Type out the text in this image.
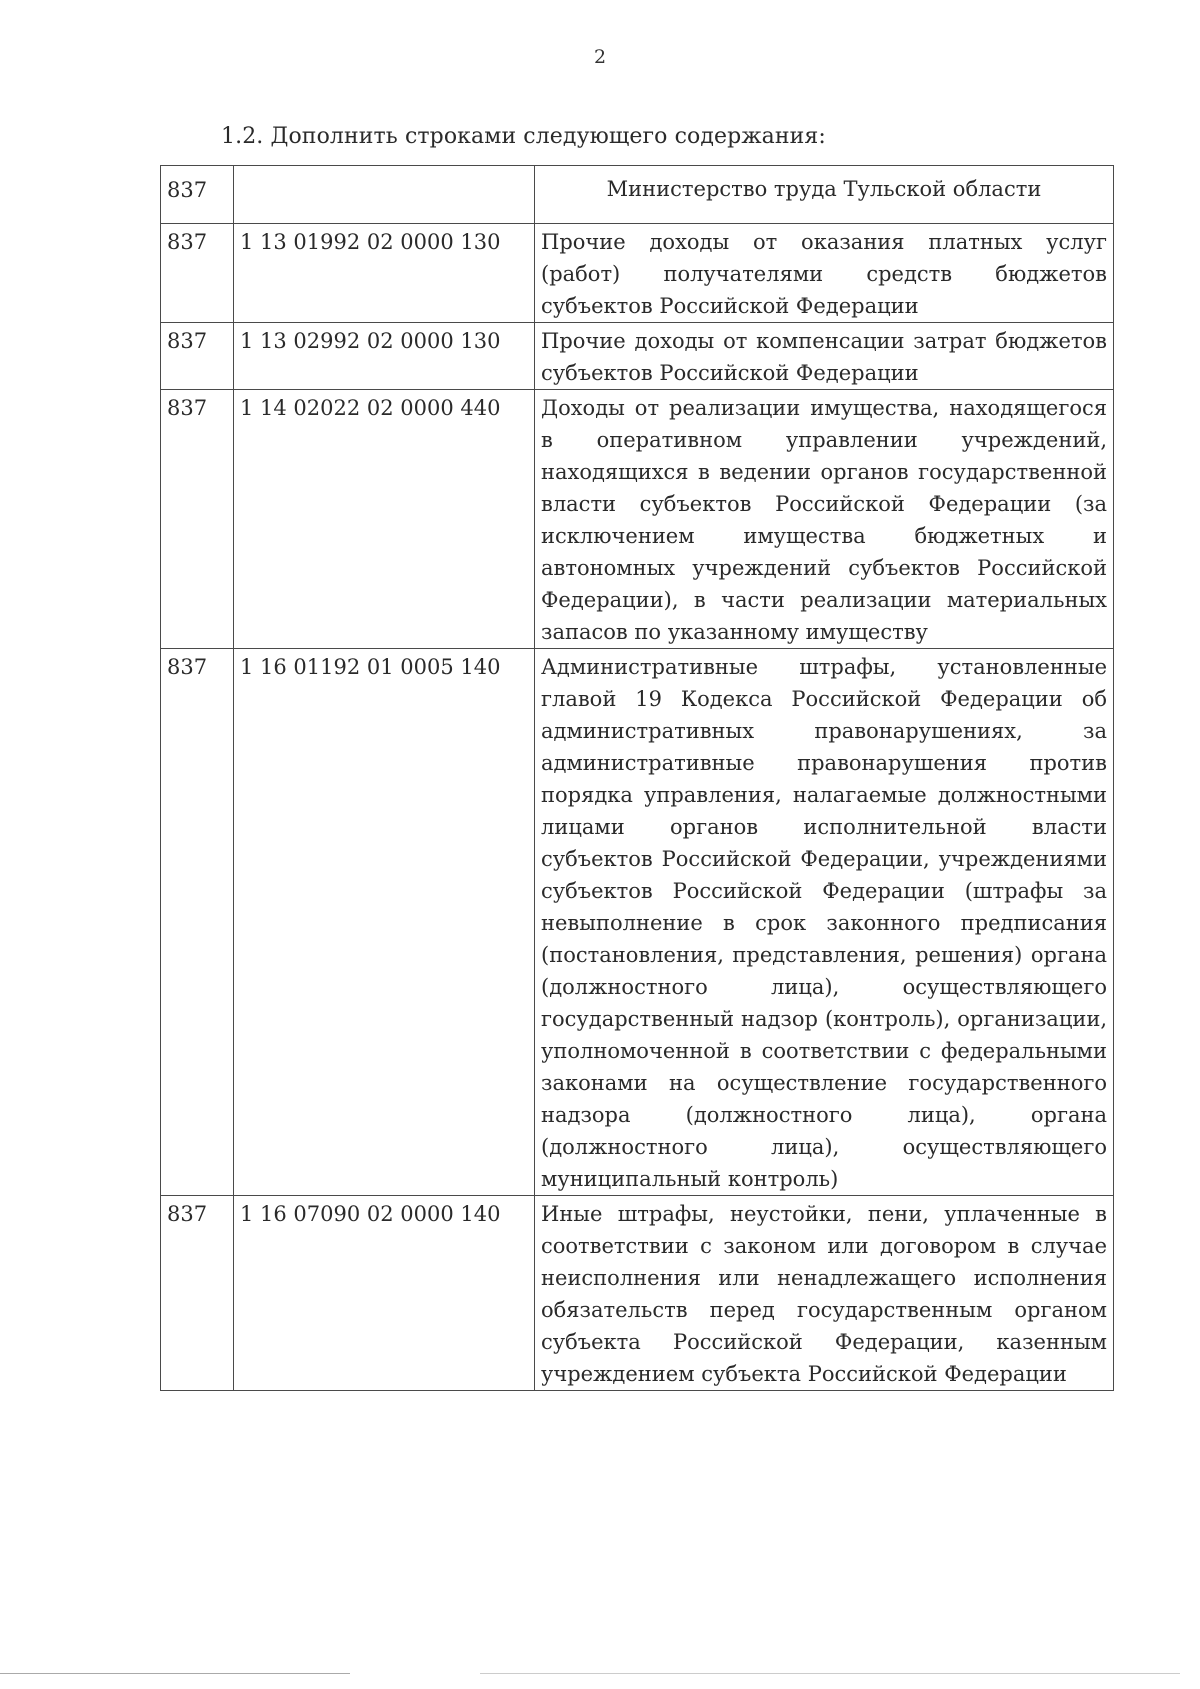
2
1.2. Дополнить строками следующего содержания:
837		Министерство труда Тульской области
837	1 13 01992 02 0000 130	Прочие доходы от оказания платных услуг (работ) получателями средств бюджетов субъектов Российской Федерации
837	1 13 02992 02 0000 130	Прочие доходы от компенсации затрат бюджетов субъектов Российской Федерации
837	1 14 02022 02 0000 440	Доходы от реализации имущества, находящегося в оперативном управлении учреждений, находящихся в ведении органов государственной власти субъектов Российской Федерации (за исключением имущества бюджетных и автономных учреждений субъектов Российской Федерации), в части реализации материальных запасов по указанному имуществу
837	1 16 01192 01 0005 140	Административные штрафы, установленные главой 19 Кодекса Российской Федерации об административных правонарушениях, за административные правонарушения против порядка управления, налагаемые должностными лицами органов исполнительной власти субъектов Российской Федерации, учреждениями субъектов Российской Федерации (штрафы за невыполнение в срок законного предписания (постановления, представления, решения) органа (должностного лица), осуществляющего государственный надзор (контроль), организации, уполномоченной в соответствии с федеральными законами на осуществление государственного надзора (должностного лица), органа (должностного лица), осуществляющего муниципальный контроль)
837	1 16 07090 02 0000 140	Иные штрафы, неустойки, пени, уплаченные в соответствии с законом или договором в случае неисполнения или ненадлежащего исполнения обязательств перед государственным органом субъекта Российской Федерации, казенным учреждением субъекта Российской Федерации
